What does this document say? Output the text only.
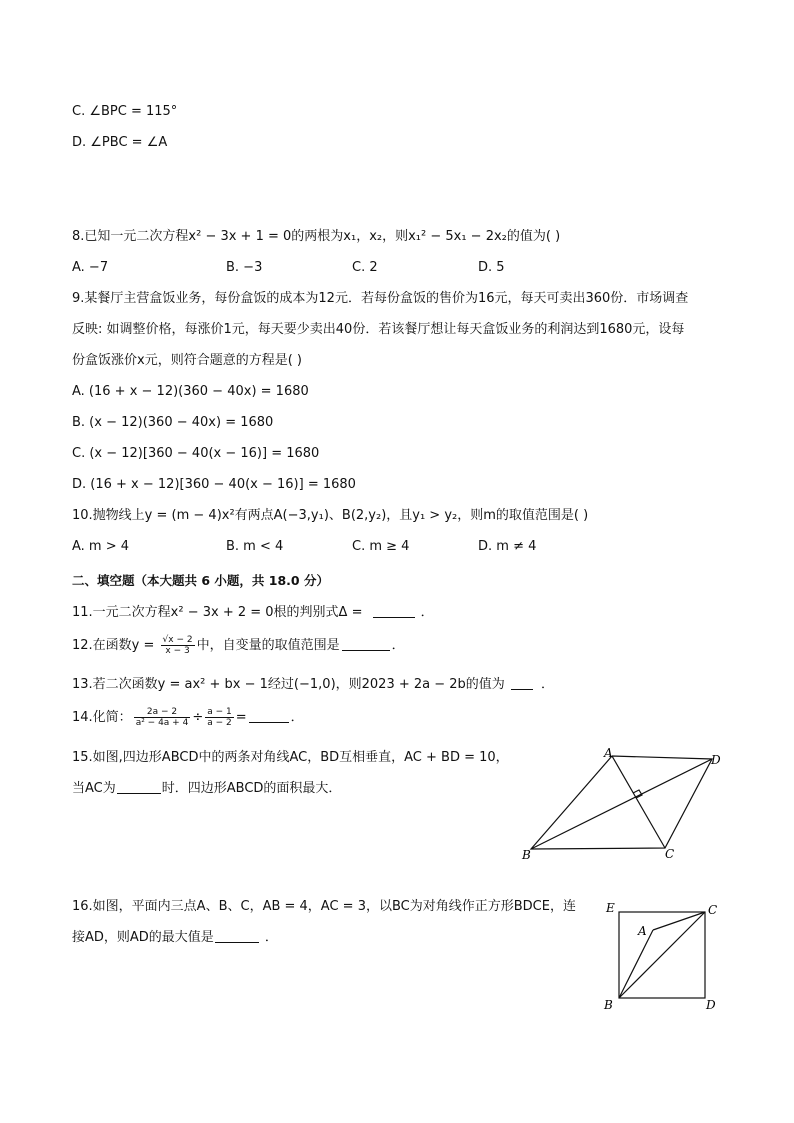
C. ∠BPC = 115°
D. ∠PBC = ∠A
8.已知一元二次方程x² − 3x + 1 = 0的两根为x₁，x₂，则x₁² − 5x₁ − 2x₂的值为( )
A. −7	B. −3	C. 2	D. 5
9.某餐厅主营盒饭业务，每份盒饭的成本为12元．若每份盒饭的售价为16元，每天可卖出360份．市场调查
反映: 如调整价格，每涨价1元，每天要少卖出40份．若该餐厅想让每天盒饭业务的利润达到1680元，设每
份盒饭涨价x元，则符合题意的方程是( )
A. (16 + x − 12)(360 − 40x) = 1680
B. (x − 12)(360 − 40x) = 1680
C. (x − 12)[360 − 40(x − 16)] = 1680
D. (16 + x − 12)[360 − 40(x − 16)] = 1680
10.抛物线上y = (m − 4)x²有两点A(−3,y₁)、B(2,y₂)，且y₁ > y₂，则m的取值范围是( )
A. m > 4	B. m < 4	C. m ≥ 4	D. m ≠ 4
二、填空题（本大题共 6 小题，共 18.0 分）
11.一元二次方程x² − 3x + 2 = 0根的判别式Δ =	．
12.在函数$y = \frac{√x - 2}{x - 3}$ 中，自变量的取值范围是	．
13.若二次函数y = ax² + bx − 1经过(−1,0)，则2023 + 2a − 2b的值为 ．
14.化简： $\frac{2a - 2}{\text{a² − 4a + 4}} \div \frac{a - 1}{a - 2}$ =	．
15.如图,四边形ABCD中的两条对角线AC，BD互相垂直，AC + BD = 10，
当AC为	时．四边形ABCD的面积最大．
A	D
B	C
16.如图，平面内三点A、B、C，AB = 4，AC = 3，以BC为对角线作正方形BDCE，连
接AD，则AD的最大值是	．
E	C
A
B	D
